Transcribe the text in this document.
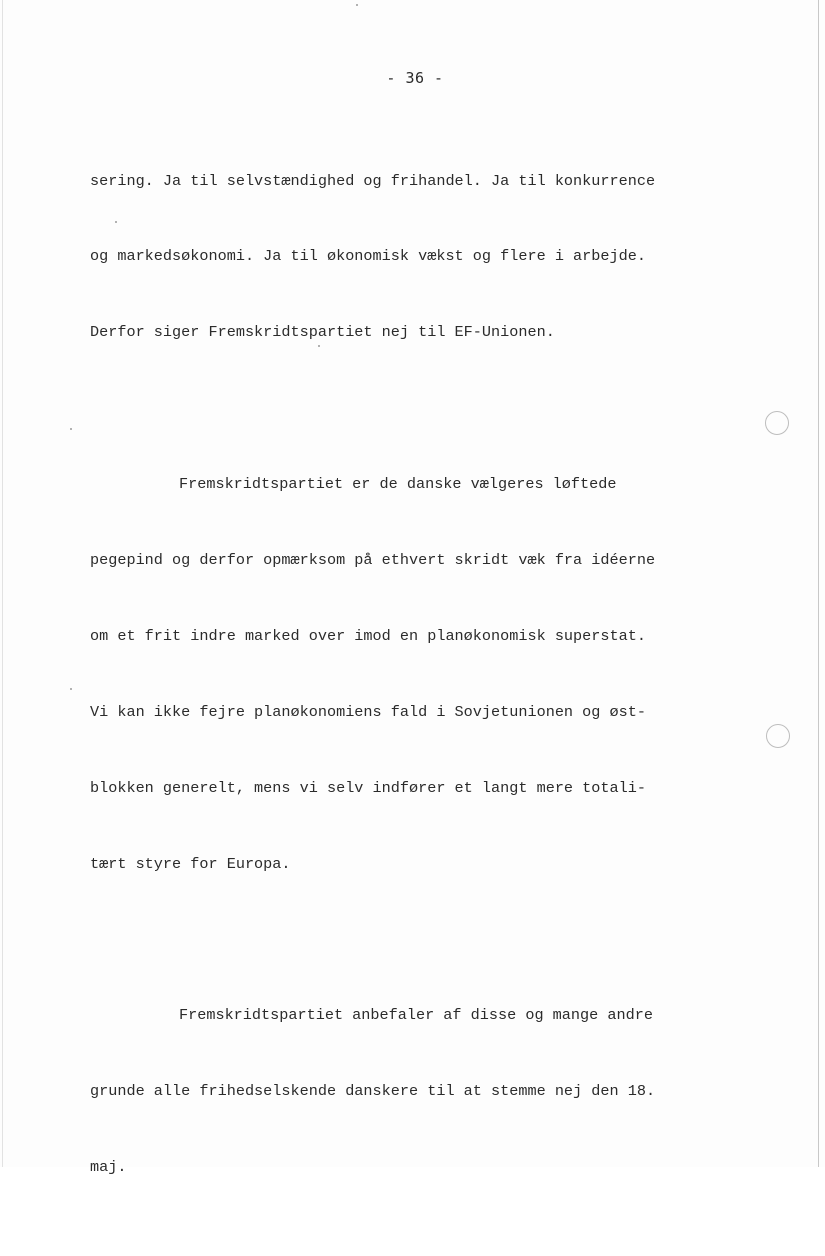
- 36 -

sering. Ja til selvstændighed og frihandel. Ja til konkurrence

og markedsøkonomi. Ja til økonomisk vækst og flere i arbejde.

Derfor siger Fremskridtspartiet nej til EF-Unionen.

Fremskridtspartiet er de danske vælgeres løftede

pegepind og derfor opmærksom på ethvert skridt væk fra idéerne

om et frit indre marked over imod en planøkonomisk superstat.

Vi kan ikke fejre planøkonomiens fald i Sovjetunionen og øst-

blokken generelt, mens vi selv indfører et langt mere totali-

tært styre for Europa.

Fremskridtspartiet anbefaler af disse og mange andre

grunde alle frihedselskende danskere til at stemme nej den 18.

maj.
